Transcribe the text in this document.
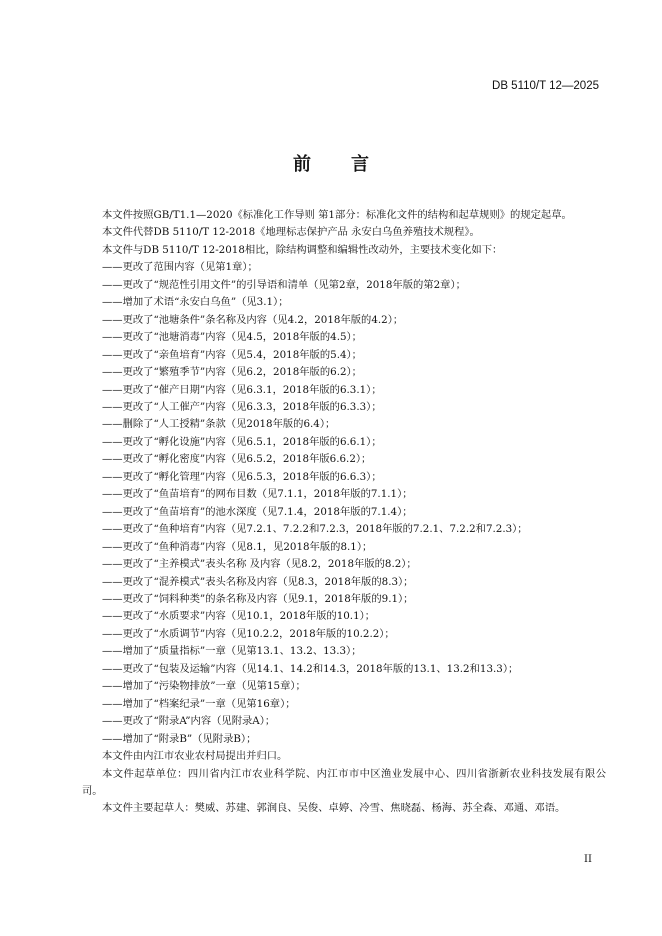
DB 5110/T 12—2025
前 言

本文件按照GB/T1.1—2020《标准化工作导则 第1部分：标准化文件的结构和起草规则》的规定起草。

本文件代替DB 5110/T 12-2018《地理标志保护产品 永安白乌鱼养殖技术规程》。

本文件与DB 5110/T 12-2018相比，除结构调整和编辑性改动外，主要技术变化如下：

——更改了范围内容（见第1章）；
——更改了“规范性引用文件”的引导语和清单（见第2章，2018年版的第2章）；
——增加了术语“永安白乌鱼”（见3.1）；
——更改了“池塘条件”条名称及内容（见4.2，2018年版的4.2）；
——更改了“池塘消毒”内容（见4.5，2018年版的4.5）；
——更改了“亲鱼培育”内容（见5.4，2018年版的5.4）；
——更改了“繁殖季节”内容（见6.2，2018年版的6.2）；
——更改了“催产日期”内容（见6.3.1，2018年版的6.3.1）；
——更改了“人工催产”内容（见6.3.3，2018年版的6.3.3）；
——删除了“人工授精”条款（见2018年版的6.4）；
——更改了“孵化设施”内容（见6.5.1，2018年版的6.6.1）；
——更改了“孵化密度”内容（见6.5.2，2018年版6.6.2）；
——更改了“孵化管理”内容（见6.5.3，2018年版的6.6.3）；
——更改了“鱼苗培育”的网布目数（见7.1.1，2018年版的7.1.1）；
——更改了“鱼苗培育”的池水深度（见7.1.4，2018年版的7.1.4）；
——更改了“鱼种培育”内容（见7.2.1、7.2.2和7.2.3，2018年版的7.2.1、7.2.2和7.2.3）；
——更改了“鱼种消毒”内容（见8.1，见2018年版的8.1）；
——更改了“主养模式”表头名称 及内容（见8.2，2018年版的8.2）；
——更改了“混养模式”表头名称及内容（见8.3，2018年版的8.3）；
——更改了“饲料种类”的条名称及内容（见9.1，2018年版的9.1）；
——更改了“水质要求”内容（见10.1，2018年版的10.1）；
——更改了“水质调节”内容（见10.2.2，2018年版的10.2.2）；
——增加了“质量指标”一章（见第13.1、13.2、13.3）；
——更改了“包装及运输”内容（见14.1、14.2和14.3，2018年版的13.1、13.2和13.3）；
——增加了“污染物排放”一章（见第15章）；
——增加了“档案纪录”一章（见第16章）；
——更改了“附录A”内容（见附录A）；
——增加了“附录B”（见附录B）；

本文件由内江市农业农村局提出并归口。

本文件起草单位：四川省内江市农业科学院、内江市市中区渔业发展中心、四川省浙新农业科技发展有限公司。

本文件主要起草人：樊威、苏建、郭润良、吴俊、卓婷、冷雪、焦晓磊、杨海、苏全森、邓通、邓语。

II
